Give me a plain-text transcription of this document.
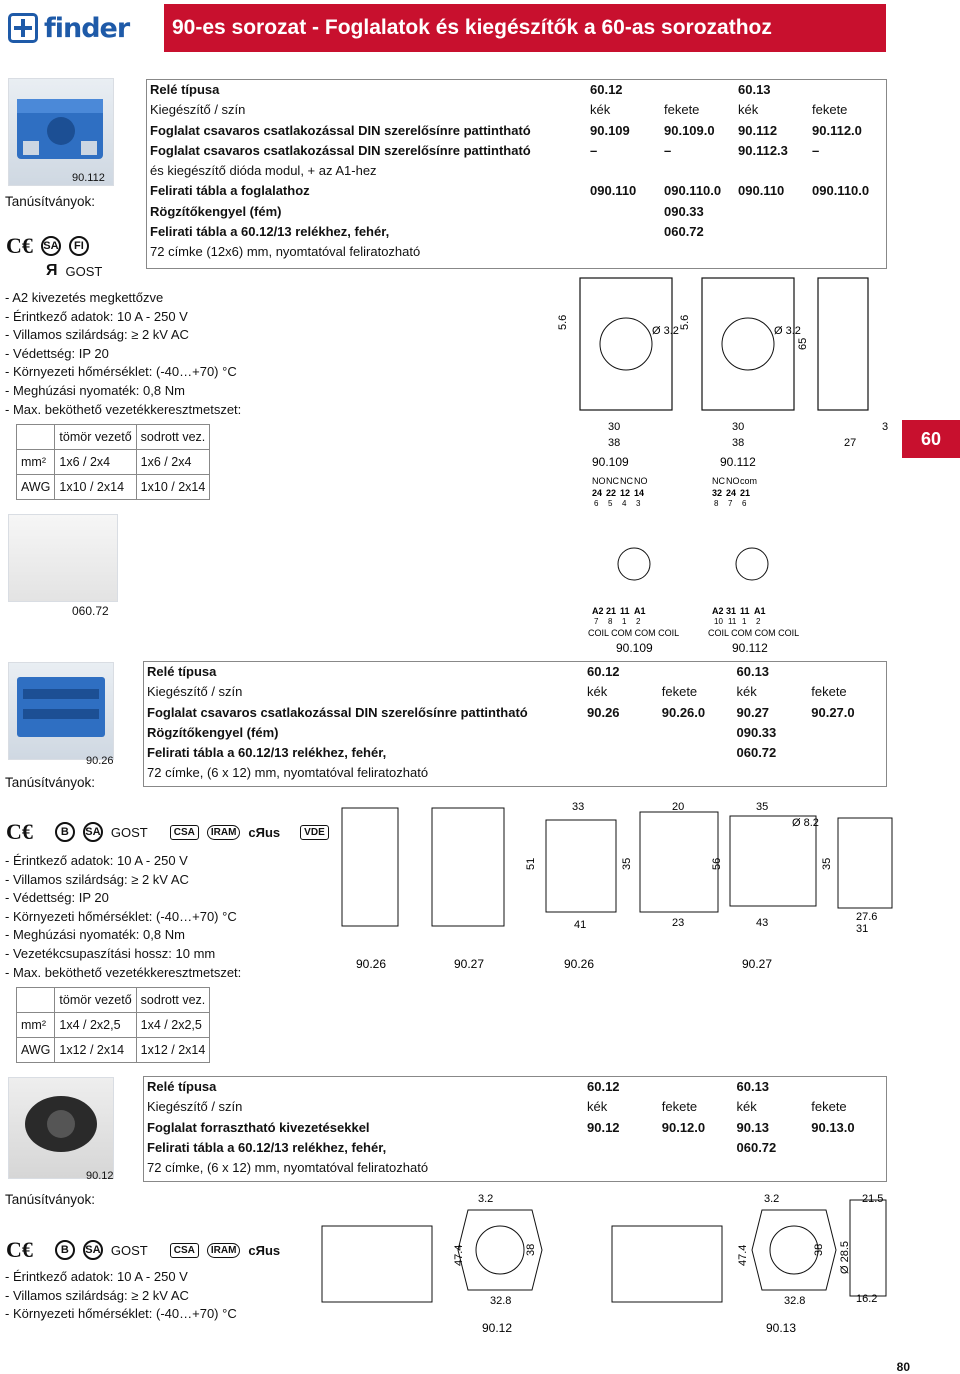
finder	90-es sorozat - Foglalatok és kiegészítők a 60-as sorozathoz
60
90.112
Tanúsítványok:
C€ SA	FI
Я GOST
- A2 kivezetés megkettőzve
- Érintkező adatok: 10 A - 250 V
- Villamos szilárdság: ≥ 2 kV AC
- Védettség: IP 20
- Környezeti hőmérséklet: (-40…+70) °C
- Meghúzási nyomaték: 0,8 Nm
- Max. beköthető vezetékkeresztmetszet:
	tömör vezető	sodrott vez.
mm²	1x6 / 2x4	1x6 / 2x4
AWG	1x10 / 2x14	1x10 / 2x14
060.72
Relé típusa	60.12	60.13
Kiegészítő / szín	kék	fekete	kék	fekete
Foglalat csavaros csatlakozással DIN szerelősínre pattintható	90.109	90.109.0	90.112	90.112.0
Foglalat csavaros csatlakozással DIN szerelősínre pattintható	–	–	90.112.3	–
és kiegészítő dióda modul, + az A1-hez
Felirati tábla a foglalathoz	090.110	090.110.0	090.110	090.110.0
Rögzítőkengyel (fém)	090.33
Felirati tábla a 60.12/13 relékhez, fehér,	060.72
72 címke (12x6) mm, nyomtatóval feliratozható
5.6	5.6
Ø 3.2	Ø 3.2
65
30
38
30
38	27
3
90.109	90.112
NO NC NC NO
24 22 12 14
6 5 4 3
A2 21 11 A1
7 8 1 2
COIL COM COM COIL
NC NO com
32 24 21
8 7 6
A2 31 11 A1
10 11 1 2
COIL COM COM COIL
90.109	90.112
90.26
Tanúsítványok:
C€	B	SA GOST	CSA	IRAM cЯus	VDE
- Érintkező adatok: 10 A - 250 V
- Villamos szilárdság: ≥ 2 kV AC
- Védettség: IP 20
- Környezeti hőmérséklet: (-40…+70) °C
- Meghúzási nyomaték: 0,8 Nm
- Vezetékcsupaszítási hossz: 10 mm
- Max. beköthető vezetékkeresztmetszet:
	tömör vezető	sodrott vez.
mm²	1x4 / 2x2,5	1x4 / 2x2,5
AWG	1x12 / 2x14	1x12 / 2x14
Relé típusa	60.12	60.13
Kiegészítő / szín	kék	fekete	kék	fekete
Foglalat csavaros csatlakozással DIN szerelősínre pattintható	90.26	90.26.0	90.27	90.27.0
Rögzítőkengyel (fém)	090.33
Felirati tábla a 60.12/13 relékhez, fehér,	060.72
72 címke, (6 x 12) mm, nyomtatóval feliratozható
33	20	35
51	35	56	35
41	23	43
Ø 8.2
27.6
31
90.26	90.27	90.26	90.27
90.12
Tanúsítványok:
C€	B	SA GOST	CSA	IRAM cЯus
- Érintkező adatok: 10 A - 250 V
- Villamos szilárdság: ≥ 2 kV AC
- Környezeti hőmérséklet: (-40…+70) °C
Relé típusa	60.12	60.13
Kiegészítő / szín	kék	fekete	kék	fekete
Foglalat forrasztható kivezetésekkel	90.12	90.12.0	90.13	90.13.0
Felirati tábla a 60.12/13 relékhez, fehér,	060.72
72 címke, (6 x 12) mm, nyomtatóval feliratozható
3.2
47.4	38
32.8
3.2	21.5
47.4	38
32.8
Ø 28.5
16.2
90.12	90.13
80
